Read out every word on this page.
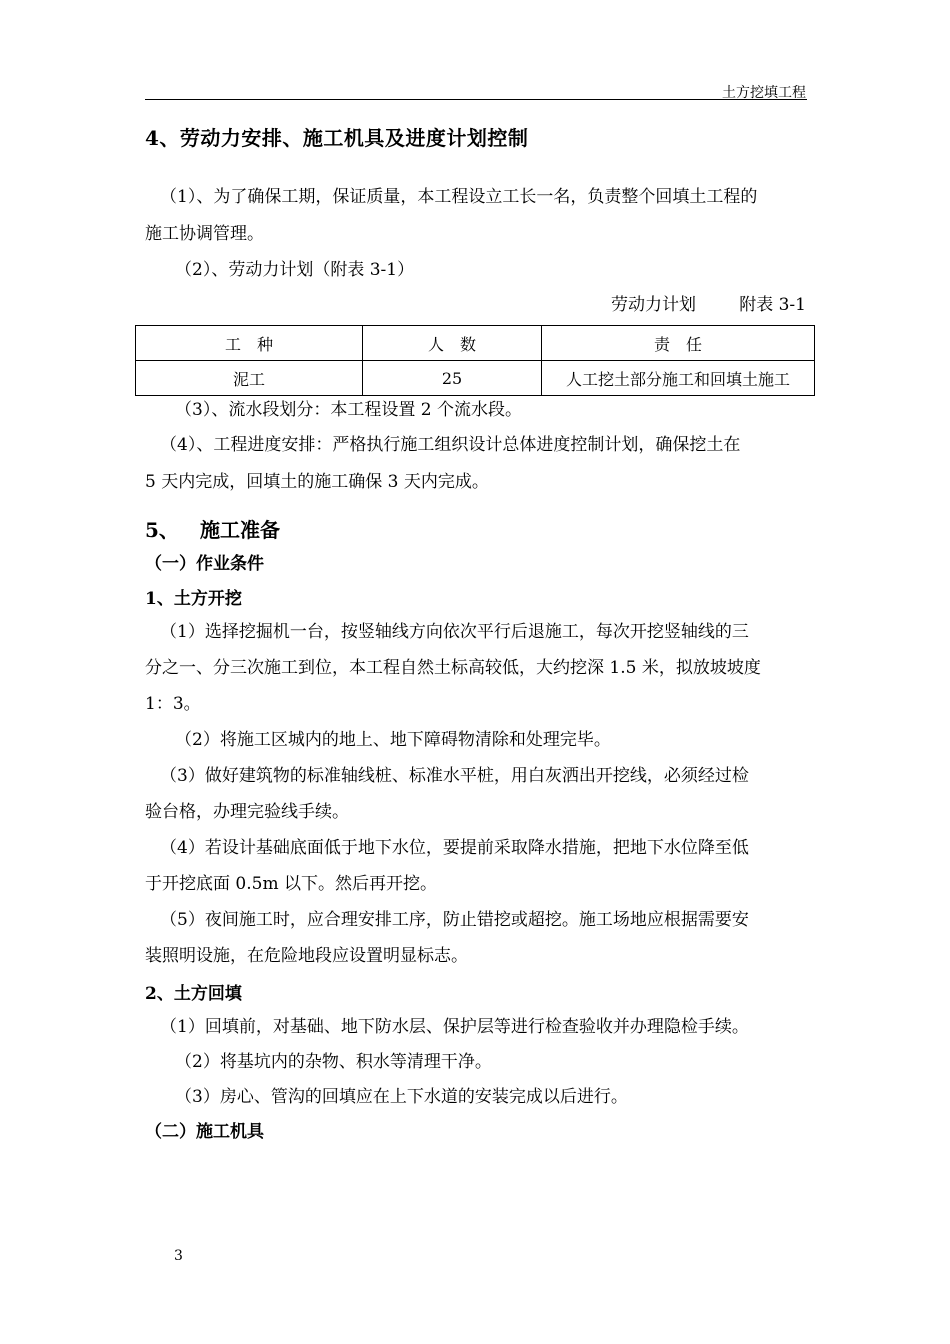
土方挖填工程
4、劳动力安排、施工机具及进度计划控制
（1）、为了确保工期，保证质量，本工程设立工长一名，负责整个回填土工程的
施工协调管理。
（2）、劳动力计划（附表 3-1）
劳动力计划        附表 3-1
工　种	人　数	责　任
泥工	25	人工挖土部分施工和回填土施工
（3）、流水段划分：本工程设置 2 个流水段。
（4）、工程进度安排：严格执行施工组织设计总体进度控制计划，确保挖土在
5 天内完成，回填土的施工确保 3 天内完成。
5、 施工准备
（一）作业条件
1、土方开挖
（1）选择挖掘机一台，按竖轴线方向依次平行后退施工，每次开挖竖轴线的三
分之一、分三次施工到位，本工程自然土标高较低，大约挖深 1.5 米，拟放坡坡度
1：3。
（2）将施工区城内的地上、地下障碍物清除和处理完毕。
（3）做好建筑物的标准轴线桩、标准水平桩，用白灰洒出开挖线，必须经过检
验台格，办理完验线手续。
（4）若设计基础底面低于地下水位，要提前采取降水措施，把地下水位降至低
于开挖底面 0.5m 以下。然后再开挖。
（5）夜间施工时，应合理安排工序，防止错挖或超挖。施工场地应根据需要安
装照明设施，在危险地段应设置明显标志。
2、土方回填
（1）回填前，对基础、地下防水层、保护层等进行检查验收并办理隐检手续。
（2）将基坑内的杂物、积水等清理干净。
（3）房心、管沟的回填应在上下水道的安装完成以后进行。
（二）施工机具
3
